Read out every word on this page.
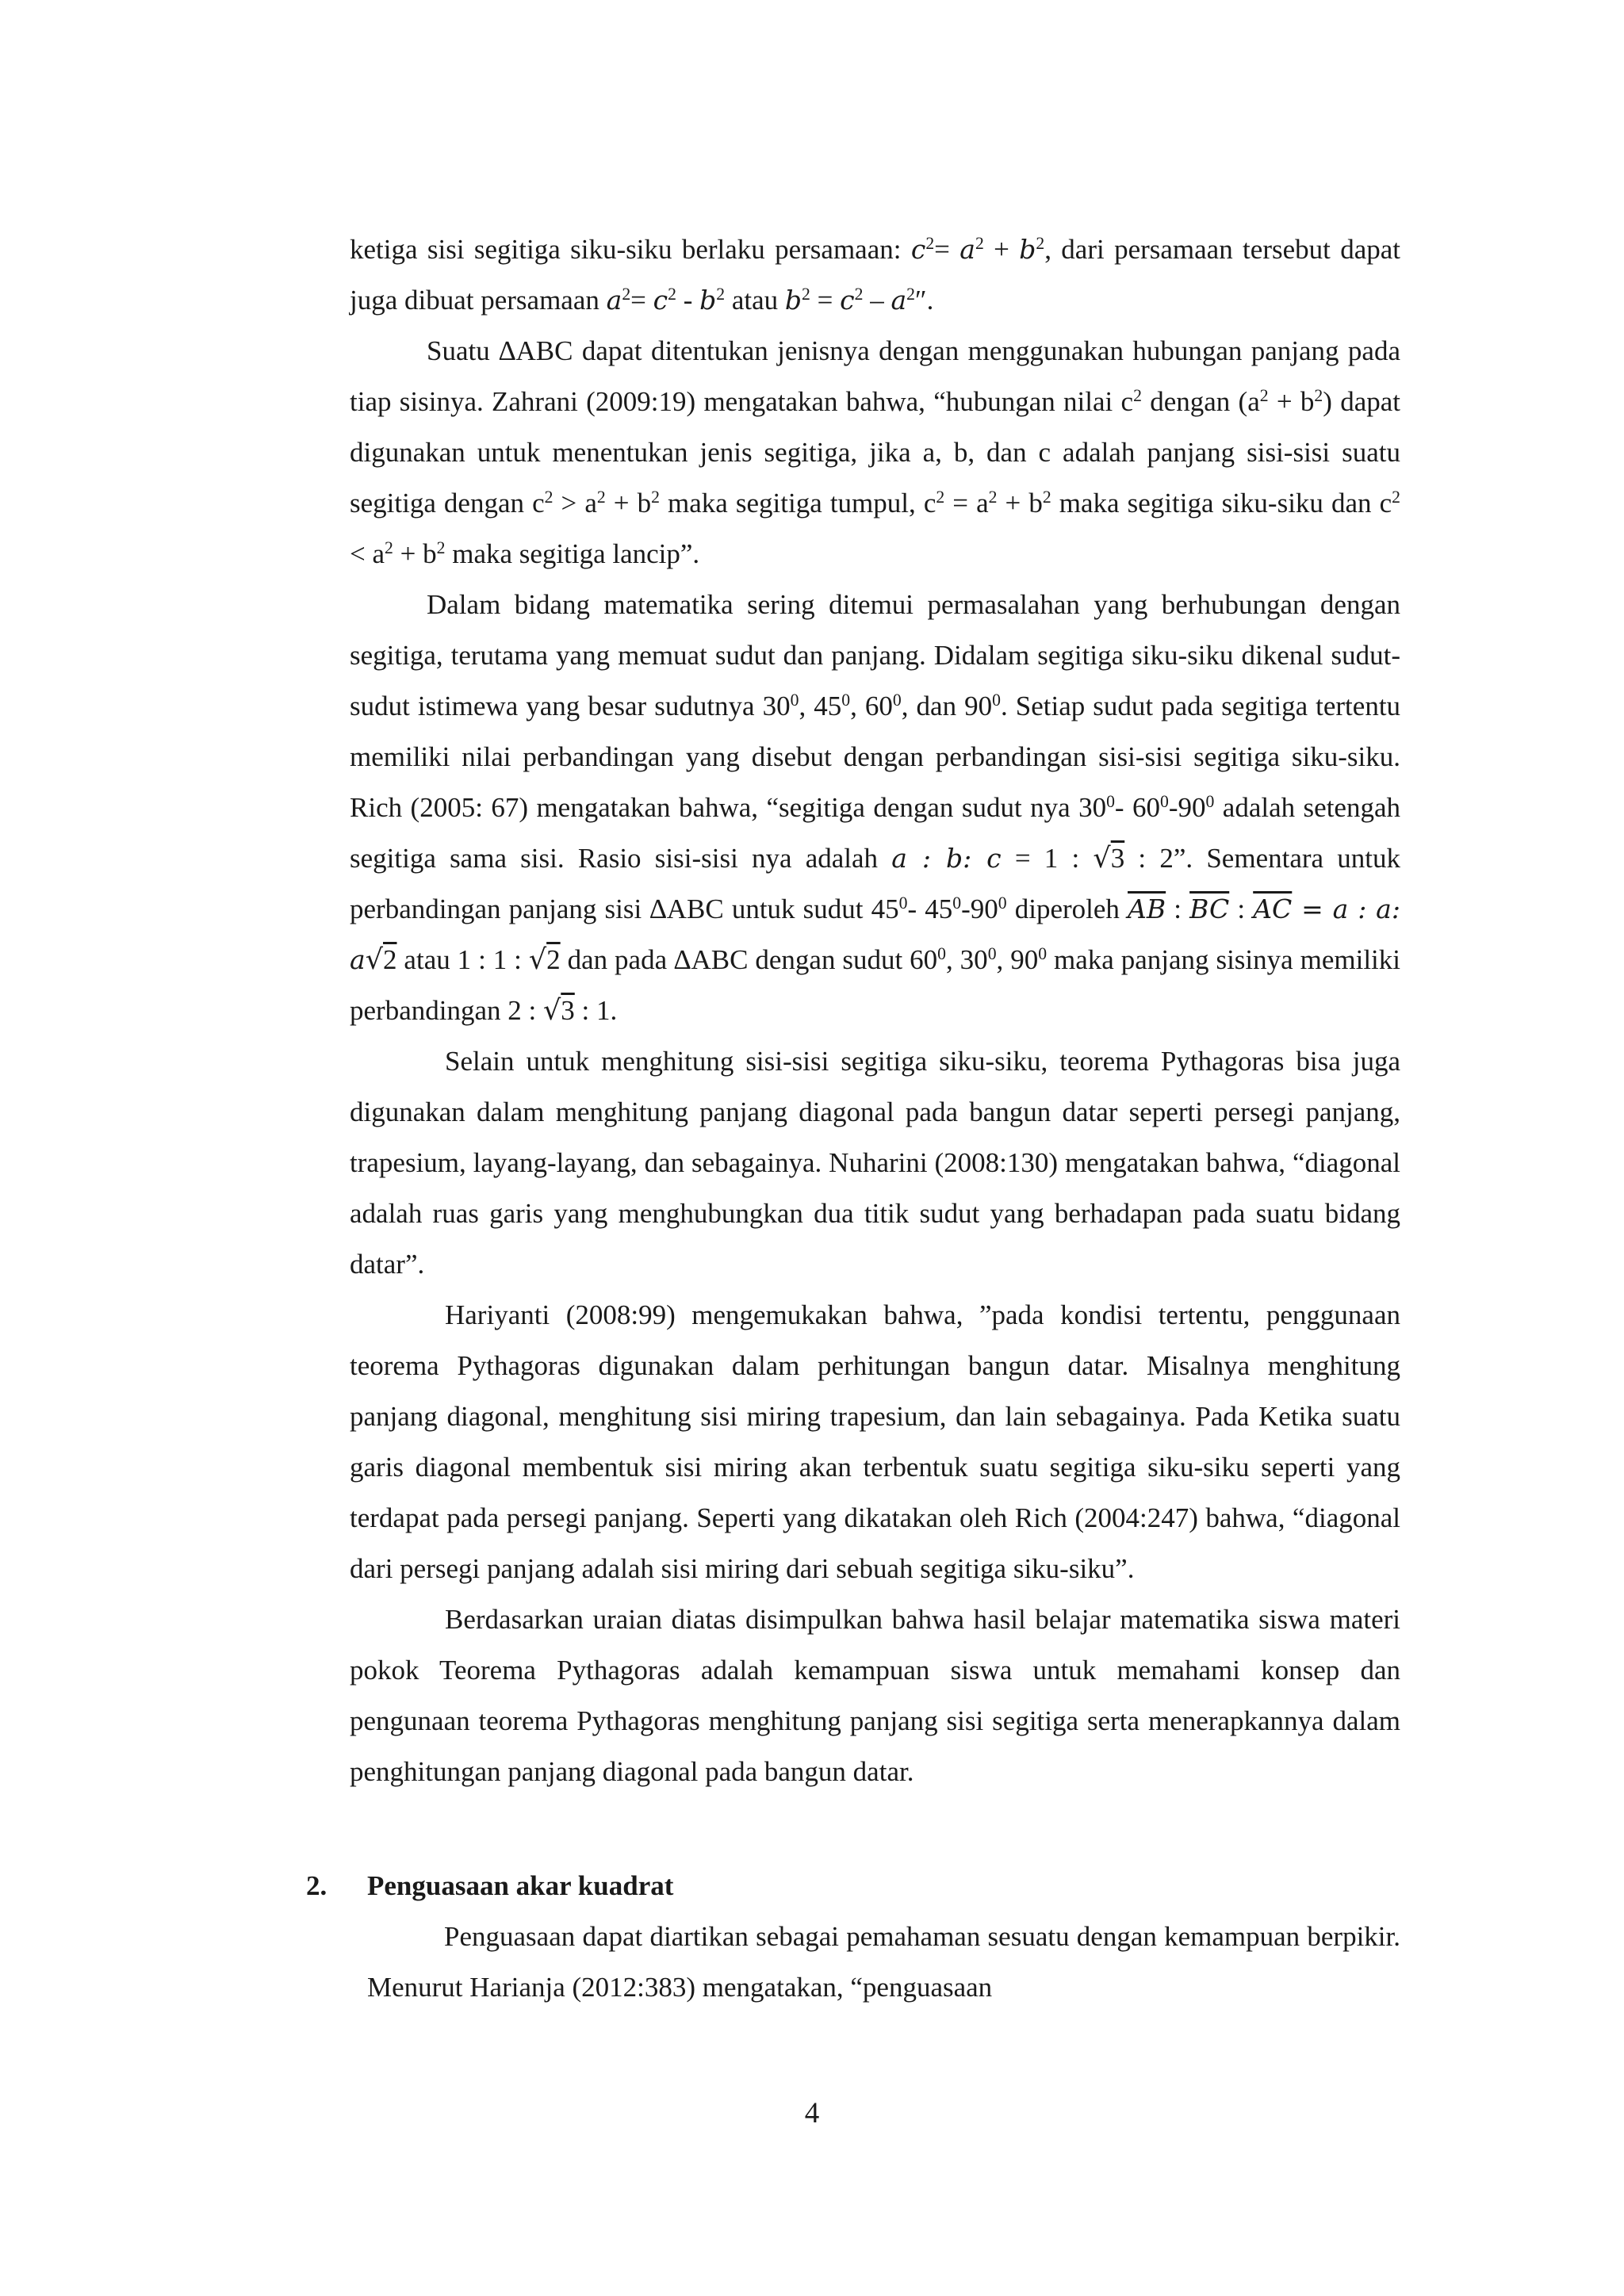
ketiga sisi segitiga siku-siku berlaku persamaan: $c^2= a^2 + b^2$, dari persamaan tersebut dapat juga dibuat persamaan $a^2= c^2 - b^2$ atau $b^2 = c^2 - a^2''$.

Suatu ∆ABC dapat ditentukan jenisnya dengan menggunakan hubungan panjang pada tiap sisinya. Zahrani (2009:19) mengatakan bahwa, “hubungan nilai $c^2$ dengan $(a^2 + b^2)$ dapat digunakan untuk menentukan jenis segitiga, jika a, b, dan c adalah panjang sisi-sisi suatu segitiga dengan $c^2 > a^2 + b^2$ maka segitiga tumpul, $c^2 = a^2 + b^2$ maka segitiga siku-siku dan $c^2 < a^2 + b^2$ maka segitiga lancip”.

Dalam bidang matematika sering ditemui permasalahan yang berhubungan dengan segitiga, terutama yang memuat sudut dan panjang. Didalam segitiga siku-siku dikenal sudut-sudut istimewa yang besar sudutnya $30^0$, $45^0$, $60^0$, dan $90^0$. Setiap sudut pada segitiga tertentu memiliki nilai perbandingan yang disebut dengan perbandingan sisi-sisi segitiga siku-siku. Rich (2005: 67) mengatakan bahwa, “segitiga dengan sudut nya $30^0-$ $60^0-90^0$ adalah setengah segitiga sama sisi. Rasio sisi-sisi nya adalah a : b: c = 1 : √3 : 2”. Sementara untuk perbandingan panjang sisi ∆ABC untuk sudut $45^0-$ $45^0-90^0$ diperoleh $\overline{AB}$ : $\overline{BC}$ : $\overline{AC} = a$ : a: a√2 atau 1 : 1 : √2 dan pada ∆ABC dengan sudut $60^0$, $30^0$, $90^0$ maka panjang sisinya memiliki perbandingan 2 : √3 : 1.

Selain untuk menghitung sisi-sisi segitiga siku-siku, teorema Pythagoras bisa juga digunakan dalam menghitung panjang diagonal pada bangun datar seperti persegi panjang, trapesium, layang-layang, dan sebagainya. Nuharini (2008:130) mengatakan bahwa, “diagonal adalah ruas garis yang menghubungkan dua titik sudut yang berhadapan pada suatu bidang datar”.

Hariyanti (2008:99) mengemukakan bahwa, ”pada kondisi tertentu, penggunaan teorema Pythagoras digunakan dalam perhitungan bangun datar. Misalnya menghitung panjang diagonal, menghitung sisi miring trapesium, dan lain sebagainya. Pada Ketika suatu garis diagonal membentuk sisi miring akan terbentuk suatu segitiga siku-siku seperti yang terdapat pada persegi panjang. Seperti yang dikatakan oleh Rich (2004:247) bahwa, “diagonal dari persegi panjang adalah sisi miring dari sebuah segitiga siku-siku”.

Berdasarkan uraian diatas disimpulkan bahwa hasil belajar matematika siswa materi pokok Teorema Pythagoras adalah kemampuan siswa untuk memahami konsep dan pengunaan teorema Pythagoras menghitung panjang sisi segitiga serta menerapkannya dalam penghitungan panjang diagonal pada bangun datar.

2. Penguasaan akar kuadrat

Penguasaan dapat diartikan sebagai pemahaman sesuatu dengan kemampuan berpikir. Menurut Harianja (2012:383) mengatakan, “penguasaan

4
